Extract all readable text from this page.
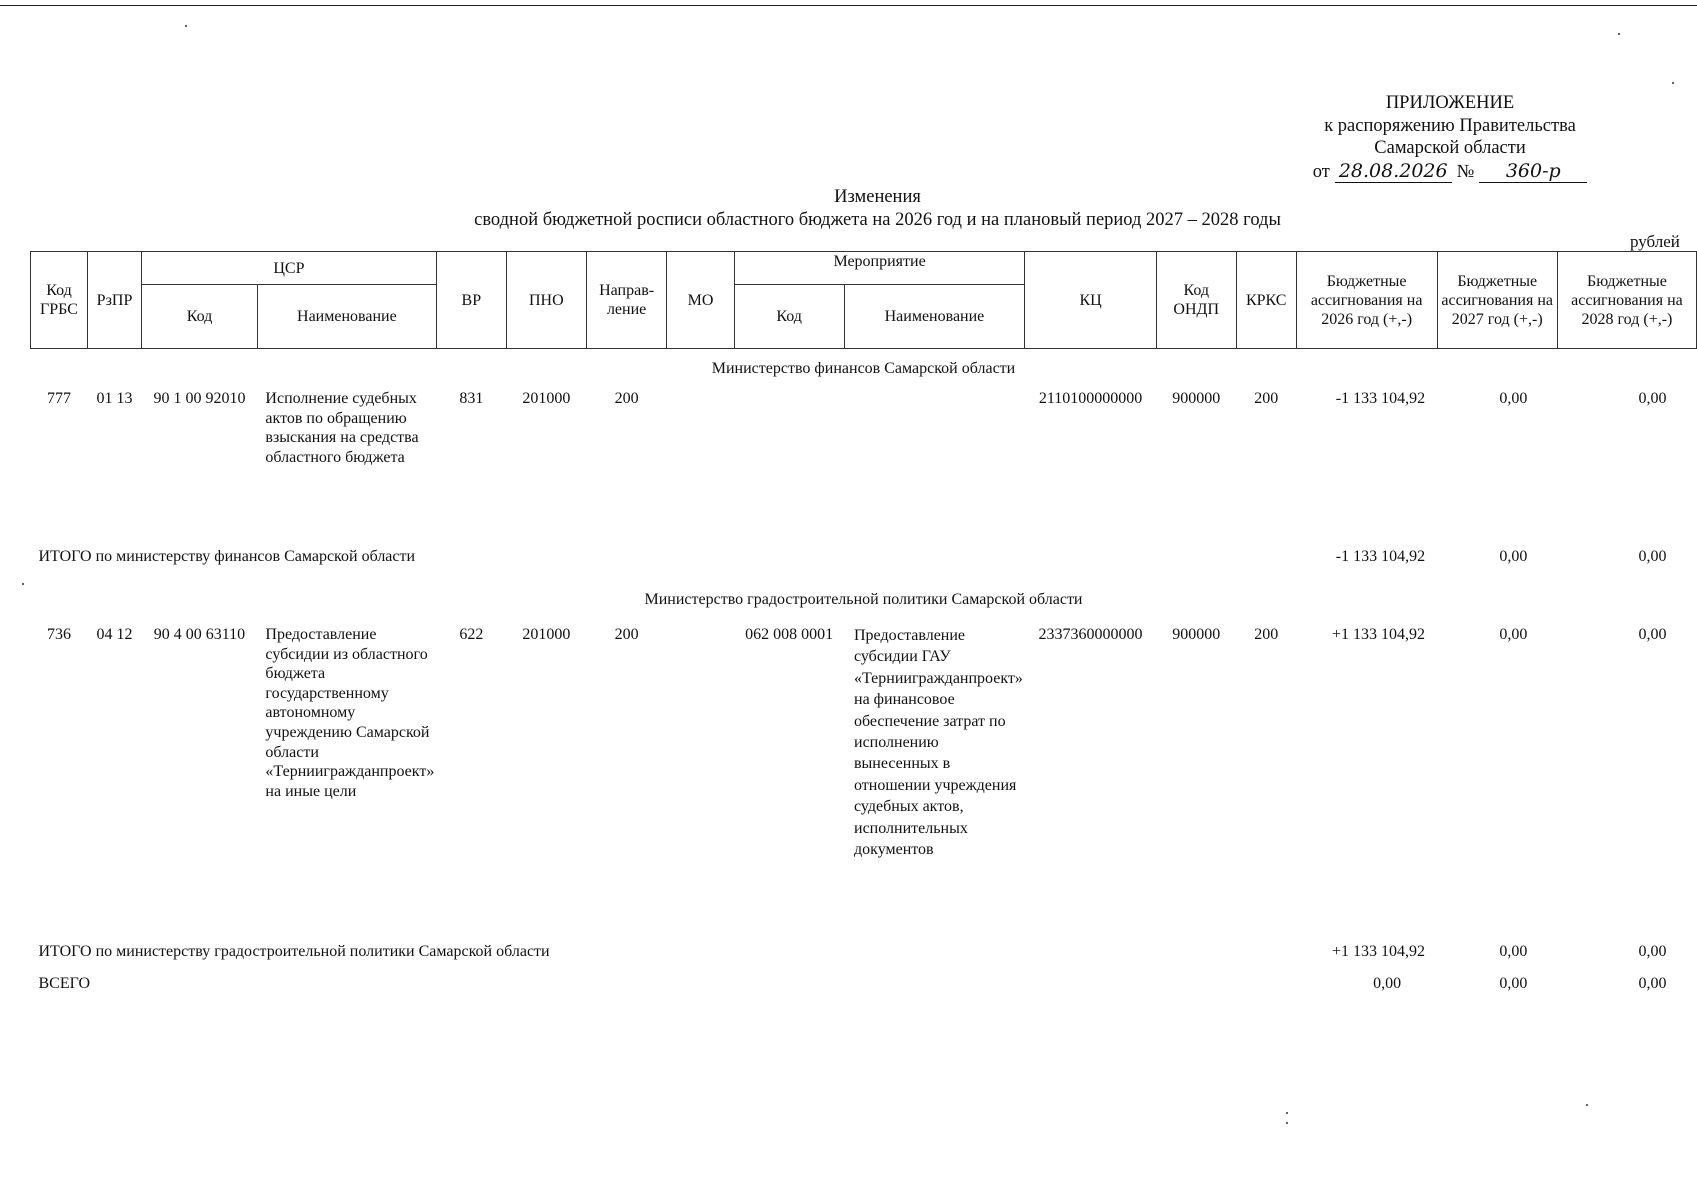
ПРИЛОЖЕНИЕ
к распоряжению Правительства
Самарской области
от 28.08.2026 №	360-р
Изменения
сводной бюджетной росписи областного бюджета на 2026 год и на плановый период 2027 – 2028 годы
рублей
Код ГРБС	РзПР	ЦСР		ВР	ПНО	Направ-ление	МО	Мероприятие		КЦ	Код ОНДП	КРКС	Бюджетные ассигнования на 2026 год (+,-)	Бюджетные ассигнования на 2027 год (+,-)	Бюджетные ассигнования на 2028 год (+,-)
		Код	Наименование					Код	Наименование						
Министерство финансов Самарской области															
777	01 13	90 1 00 92010	Исполнение судебных актов по обращению взыскания на средства областного бюджета	831	201000	200				2110100000000	900000	200	-1 133 104,92	0,00	0,00
ИТОГО по министерству финансов Самарской области													-1 133 104,92	0,00	0,00
Министерство градостроительной политики Самарской области															
736	04 12	90 4 00 63110	Предоставление субсидии из областного бюджета государственному автономному учреждению Самарской области «Терниигражданпроект» на иные цели	622	201000	200		062 008 0001	Предоставление субсидии ГАУ «Терниигражданпроект» на финансовое обеспечение затрат по исполнению вынесенных в отношении учреждения судебных актов, исполнительных документов	2337360000000	900000	200	+1 133 104,92	0,00	0,00
ИТОГО по министерству градостроительной политики Самарской области													+1 133 104,92	0,00	0,00
ВСЕГО													0,00	0,00	0,00
